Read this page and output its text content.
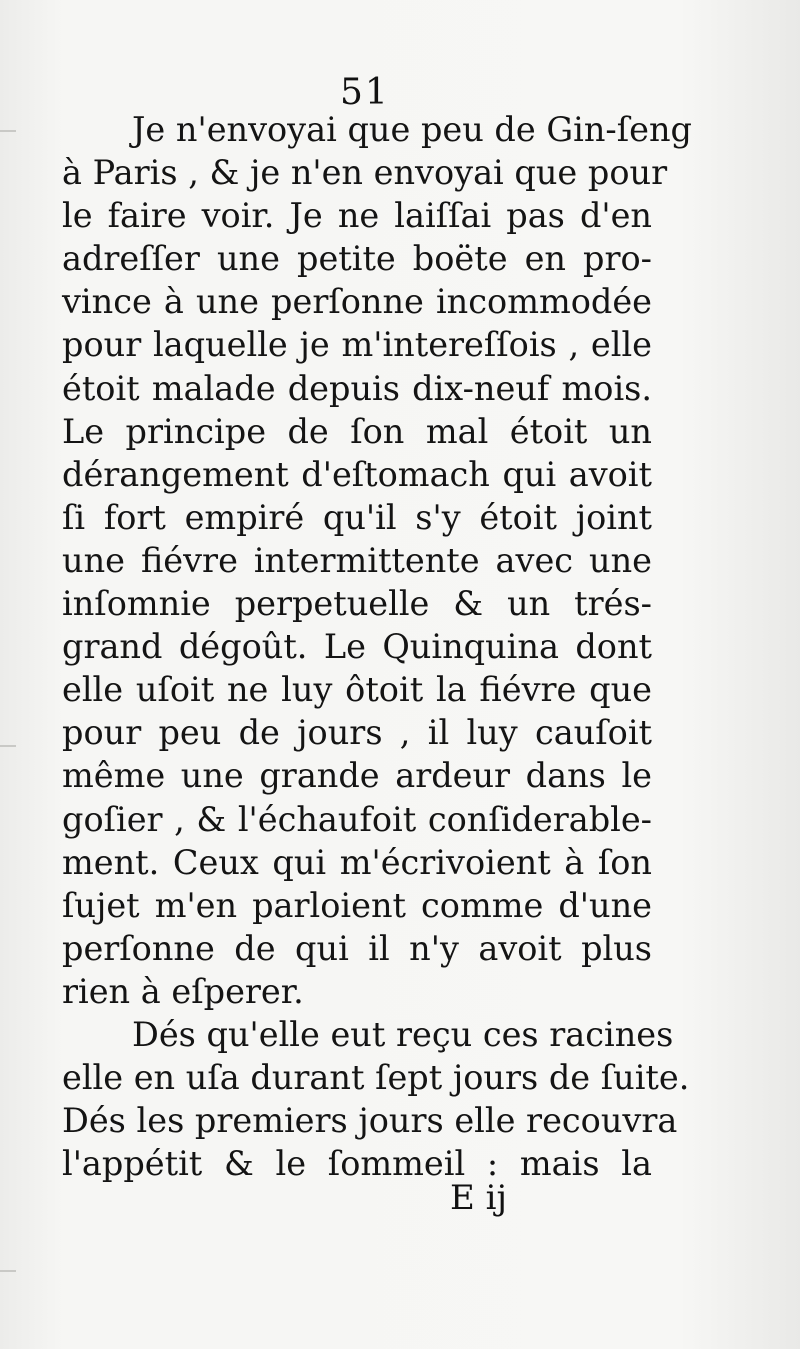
51
Je n'envoyai que peu de Gin-ſeng
à Paris , & je n'en envoyai que pour
le faire voir. Je ne laiſſai pas d'en
adreſſer une petite boëte en pro-
vince à une perſonne incommodée
pour laquelle je m'intereſſois , elle
étoit malade depuis dix-neuf mois.
Le principe de ſon mal étoit un
dérangement d'eſtomach qui avoit
ſi fort empiré qu'il s'y étoit joint
une fiévre intermittente avec une
inſomnie perpetuelle & un trés-
grand dégoût. Le Quinquina dont
elle uſoit ne luy ôtoit la fiévre que
pour peu de jours , il luy cauſoit
même une grande ardeur dans le
goſier , & l'échaufoit conſiderable-
ment. Ceux qui m'écrivoient à ſon
ſujet m'en parloient comme d'une
perſonne de qui il n'y avoit plus
rien à eſperer.
Dés qu'elle eut reçu ces racines
elle en uſa durant ſept jours de ſuite.
Dés les premiers jours elle recouvra
l'appétit & le ſommeil : mais la
E ij
